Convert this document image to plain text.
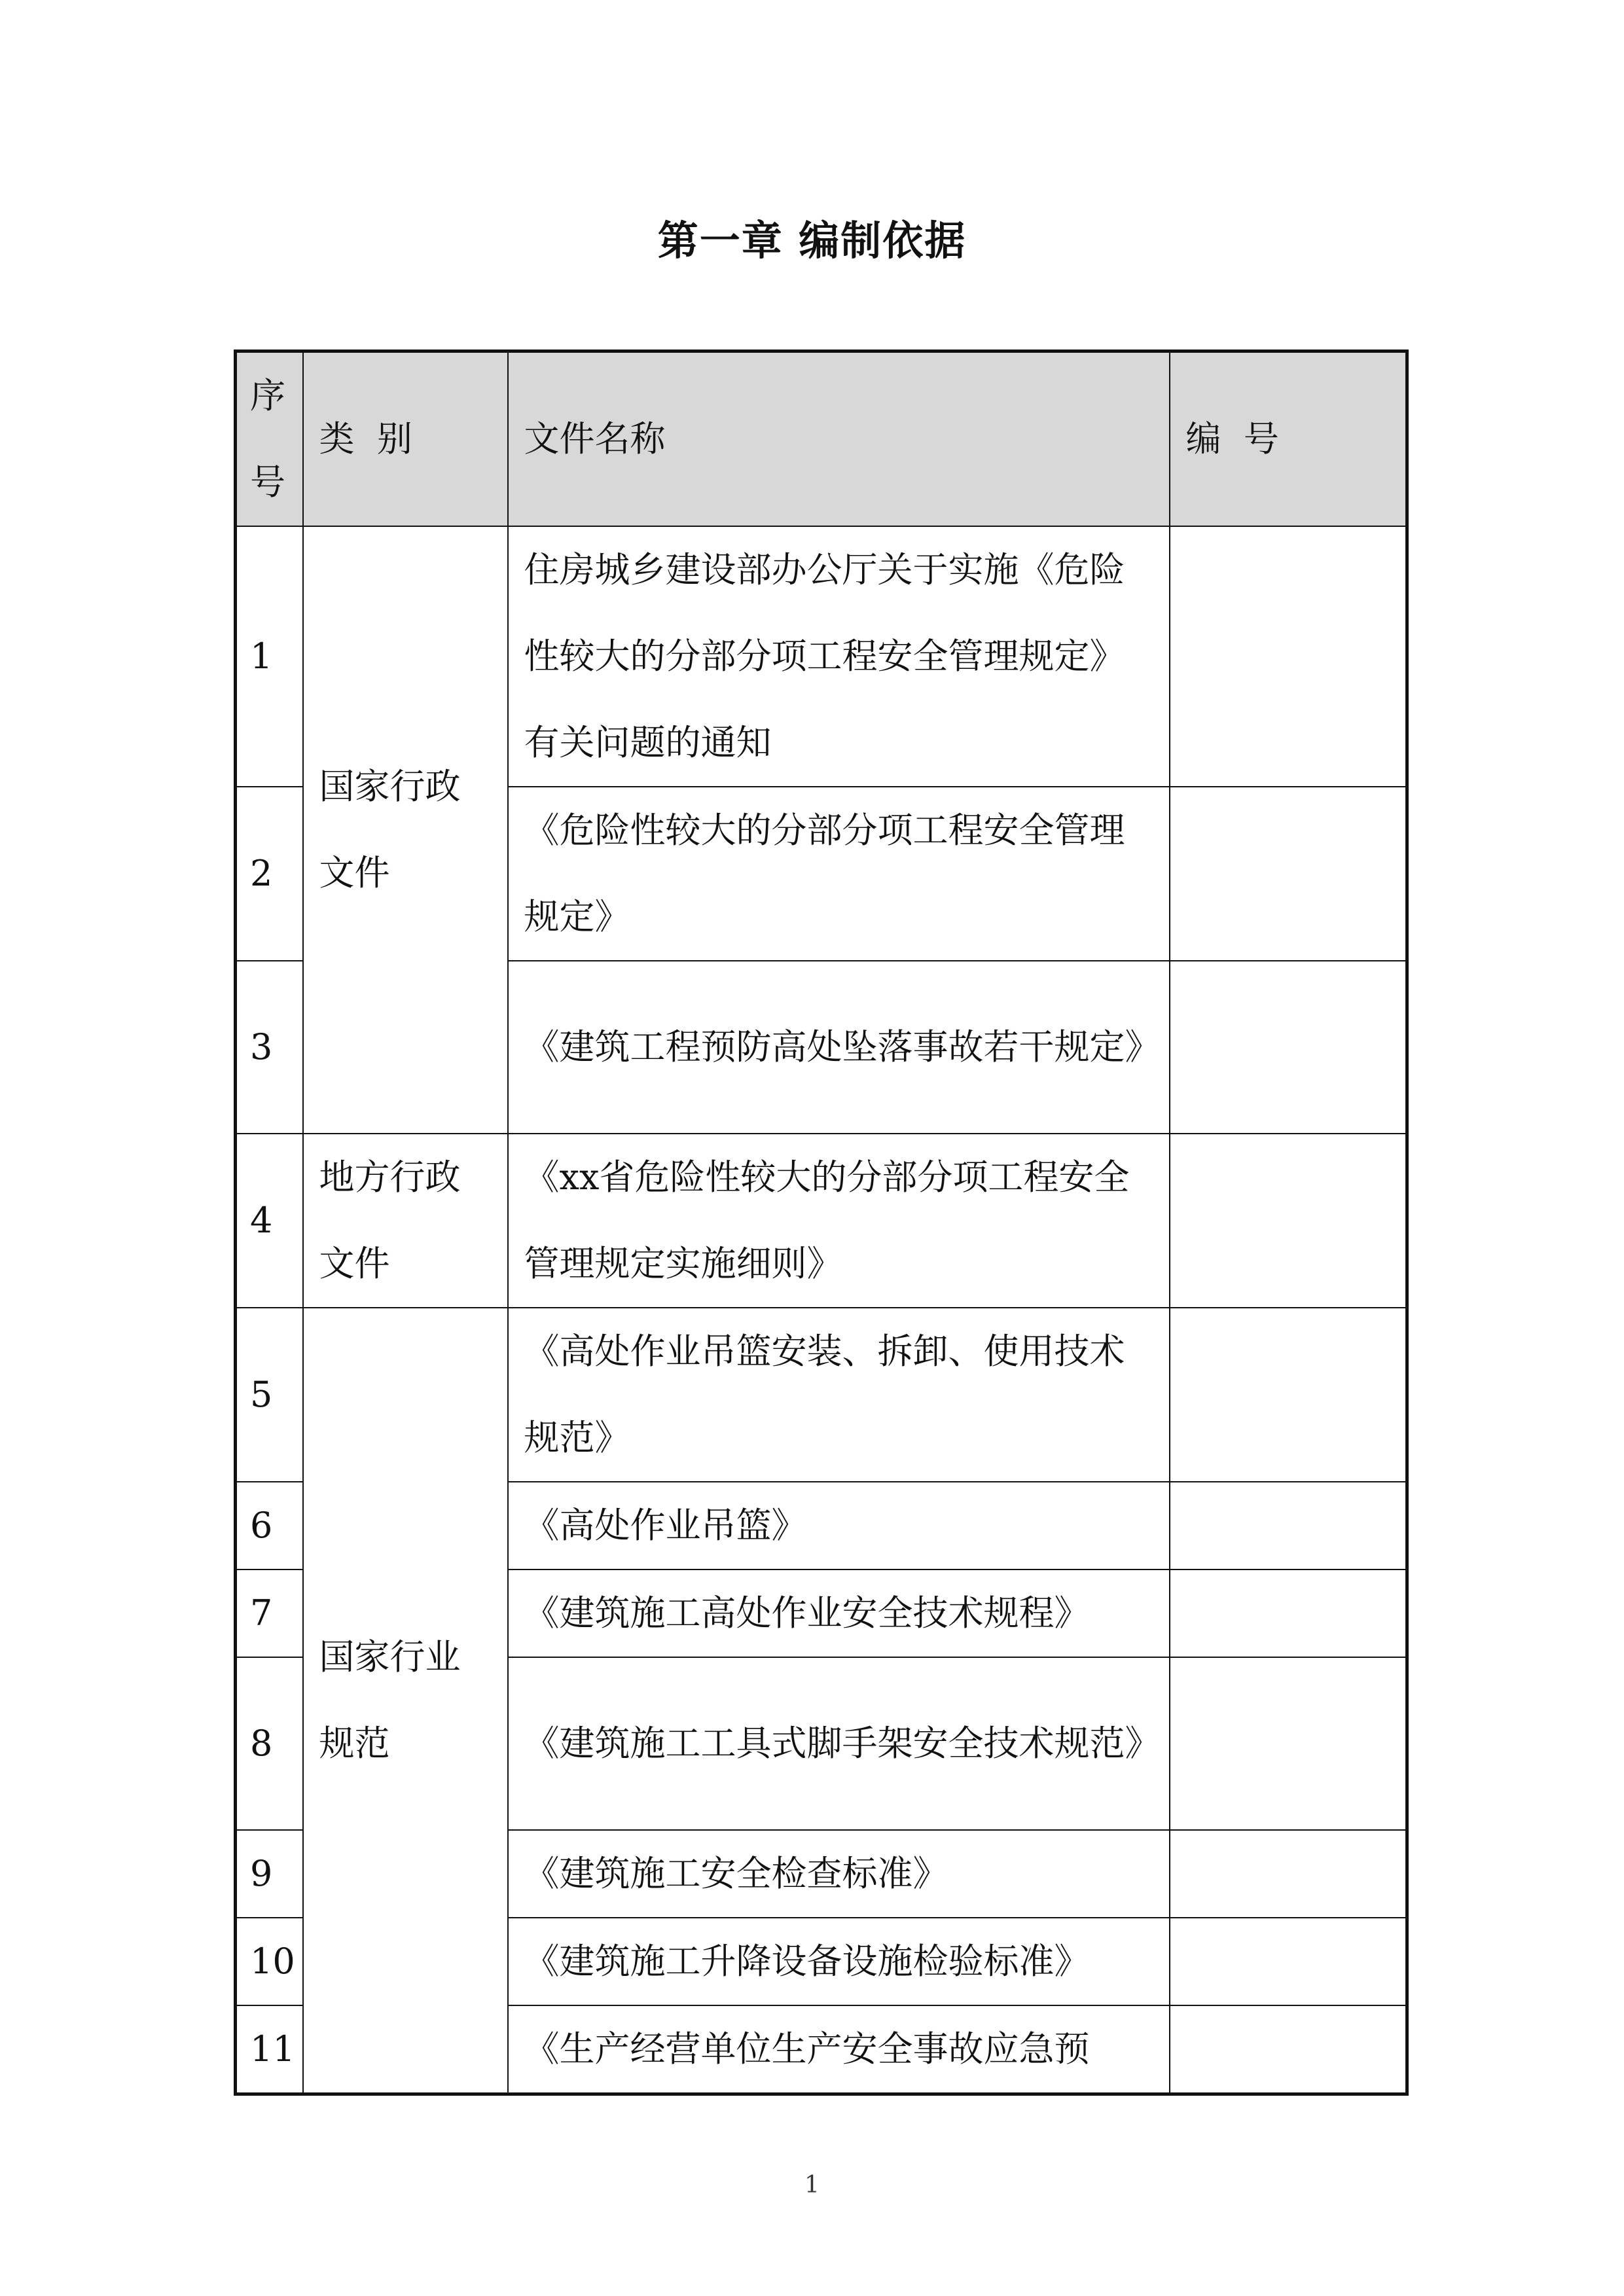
第一章 编制依据
序号	类  别	文件名称	编  号
1	国家行政文件	住房城乡建设部办公厅关于实施《危险性较大的分部分项工程安全管理规定》有关问题的通知	
2		《危险性较大的分部分项工程安全管理规定》	
3		《建筑工程预防高处坠落事故若干规定》	
4	地方行政文件	《xx省危险性较大的分部分项工程安全管理规定实施细则》	
5	国家行业规范	《高处作业吊篮安装、拆卸、使用技术规范》	
6		《高处作业吊篮》	
7		《建筑施工高处作业安全技术规程》	
8		《建筑施工工具式脚手架安全技术规范》	
9		《建筑施工安全检查标准》	
10		《建筑施工升降设备设施检验标准》	
11		《生产经营单位生产安全事故应急预	
1
